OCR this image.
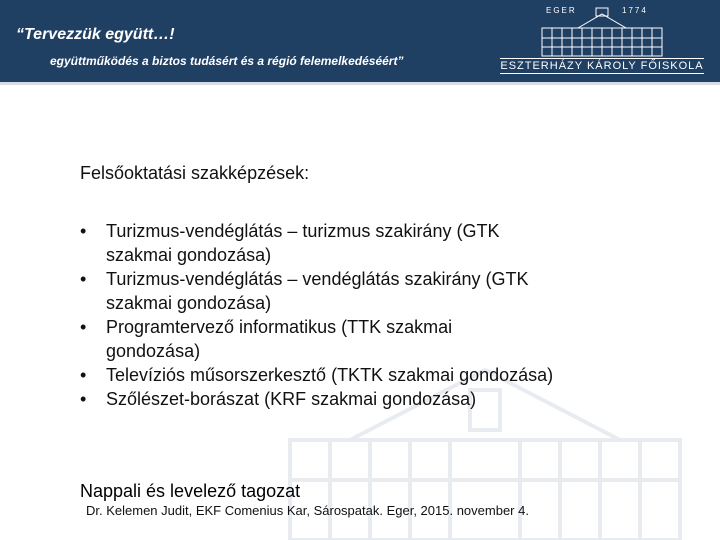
“Tervezzük együtt…!
együttműködés a biztos tudásért és a régió felemelkedéséért”
EGER	1774
ESZTERHÁZY KÁROLY FŐISKOLA
Felsőoktatási szakképzések:
• Turizmus-vendéglátás – turizmus szakirány (GTK
szakmai gondozása)
• Turizmus-vendéglátás – vendéglátás szakirány (GTK
szakmai gondozása)
• Programtervező informatikus (TTK szakmai
gondozása)
• Televíziós műsorszerkesztő (TKTK szakmai gondozása)
• Szőlészet-borászat (KRF szakmai gondozása)
Nappali és levelező tagozat
Dr. Kelemen Judit, EKF Comenius Kar, Sárospatak. Eger, 2015. november 4.
